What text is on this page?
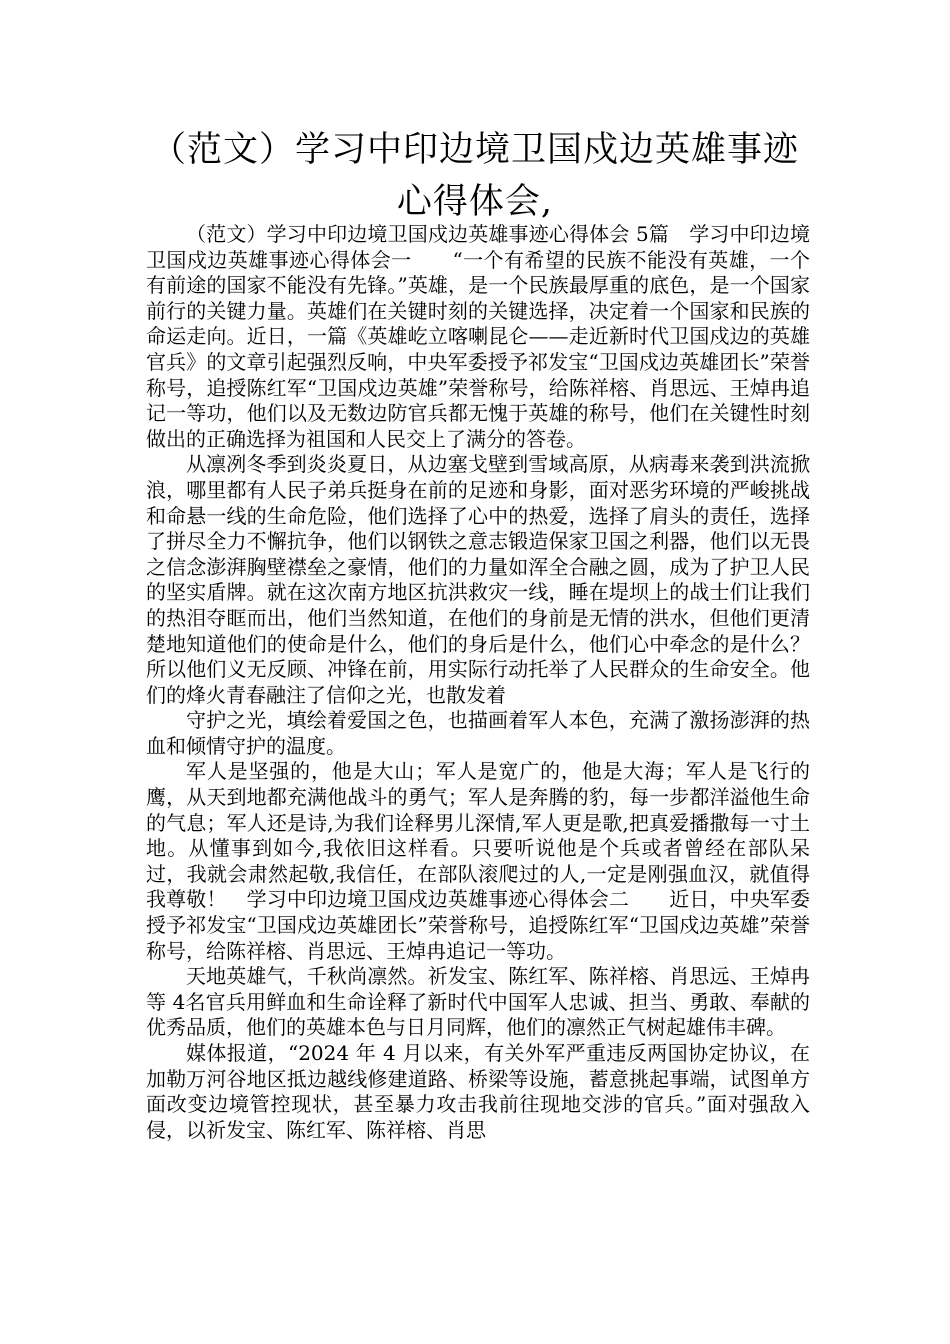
（范文）学习中印边境卫国戍边英雄事迹
心得体会,

（范文）学习中印边境卫国戍边英雄事迹心得体会 5篇　学习中印边境卫国戍边英雄事迹心得体会一　　“一个有希望的民族不能没有英雄，一个有前途的国家不能没有先锋。”英雄，是一个民族最厚重的底色，是一个国家前行的关键力量。英雄们在关键时刻的关键选择，决定着一个国家和民族的命运走向。近日，一篇《英雄屹立喀喇昆仑——走近新时代卫国戍边的英雄官兵》的文章引起强烈反响，中央军委授予祁发宝“卫国戍边英雄团长”荣誉称号，追授陈红军“卫国戍边英雄”荣誉称号，给陈祥榕、肖思远、王焯冉追记一等功，他们以及无数边防官兵都无愧于英雄的称号，他们在关键性时刻做出的正确选择为祖国和人民交上了满分的答卷。

从凛冽冬季到炎炎夏日，从边塞戈壁到雪域高原，从病毒来袭到洪流掀浪，哪里都有人民子弟兵挺身在前的足迹和身影，面对恶劣环境的严峻挑战和命悬一线的生命危险，他们选择了心中的热爱，选择了肩头的责任，选择了拼尽全力不懈抗争，他们以钢铁之意志锻造保家卫国之利器，他们以无畏之信念澎湃胸壁襟垒之豪情，他们的力量如浑全合融之圆，成为了护卫人民的坚实盾牌。就在这次南方地区抗洪救灾一线，睡在堤坝上的战士们让我们的热泪夺眶而出，他们当然知道，在他们的身前是无情的洪水，但他们更清楚地知道他们的使命是什么，他们的身后是什么，他们心中牵念的是什么？所以他们义无反顾、冲锋在前，用实际行动托举了人民群众的生命安全。他们的烽火青春融注了信仰之光，也散发着

守护之光，填绘着爱国之色，也描画着军人本色，充满了激扬澎湃的热血和倾情守护的温度。

军人是坚强的，他是大山；军人是宽广的，他是大海；军人是飞行的鹰，从天到地都充满他战斗的勇气；军人是奔腾的豹，每一步都洋溢他生命的气息；军人还是诗,为我们诠释男儿深情,军人更是歌,把真爱播撒每一寸土地。从懂事到如今,我依旧这样看。只要听说他是个兵或者曾经在部队呆过，我就会肃然起敬,我信任，在部队滚爬过的人,一定是刚强血汉，就值得我尊敬！　学习中印边境卫国戍边英雄事迹心得体会二　　近日，中央军委授予祁发宝“卫国戍边英雄团长”荣誉称号，追授陈红军“卫国戍边英雄”荣誉称号，给陈祥榕、肖思远、王焯冉追记一等功。

天地英雄气，千秋尚凛然。祈发宝、陈红军、陈祥榕、肖思远、王焯冉等 4名官兵用鲜血和生命诠释了新时代中国军人忠诚、担当、勇敢、奉献的优秀品质，他们的英雄本色与日月同辉，他们的凛然正气树起雄伟丰碑。

媒体报道，“2024 年 4 月以来，有关外军严重违反两国协定协议，在加勒万河谷地区抵边越线修建道路、桥梁等设施，蓄意挑起事端，试图单方面改变边境管控现状，甚至暴力攻击我前往现地交涉的官兵。”面对强敌入侵，以祈发宝、陈红军、陈祥榕、肖思
